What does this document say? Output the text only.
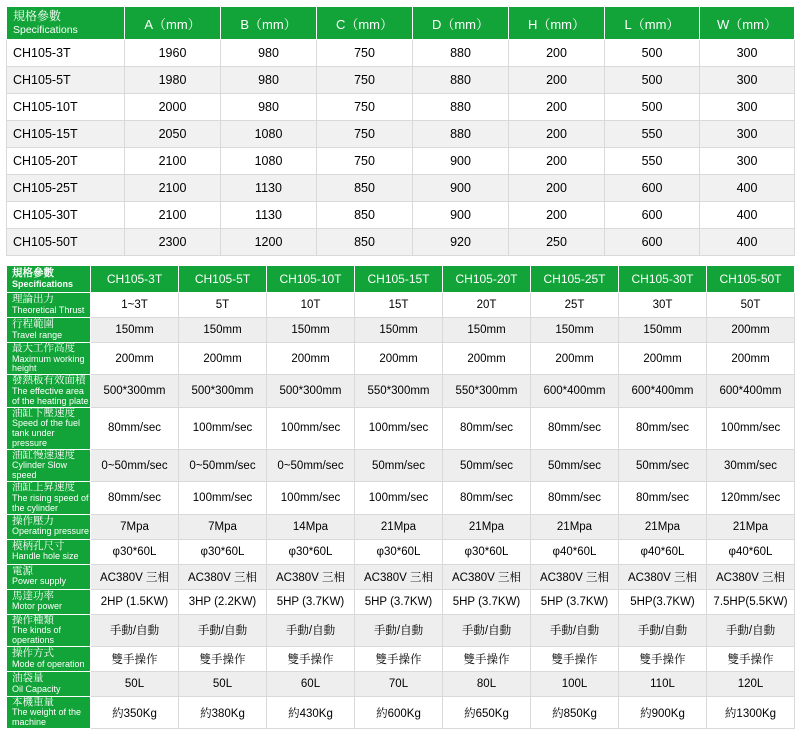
規格參數
Specifications	A（mm）	B（mm）	C（mm）	D（mm）	H（mm）	L（mm）	W（mm）
CH105-3T	1960	980	750	880	200	500	300
CH105-5T	1980	980	750	880	200	500	300
CH105-10T	2000	980	750	880	200	500	300
CH105-15T	2050	1080	750	880	200	550	300
CH105-20T	2100	1080	750	900	200	550	300
CH105-25T	2100	1130	850	900	200	600	400
CH105-30T	2100	1130	850	900	200	600	400
CH105-50T	2300	1200	850	920	250	600	400
規格參數
Specifications	CH105-3T	CH105-5T	CH105-10T	CH105-15T	CH105-20T	CH105-25T	CH105-30T	CH105-50T

理論出力
Theoretical Thrust	1~3T	5T	10T	15T	20T	25T	30T	50T

行程範圍
Travel range	150mm	150mm	150mm	150mm	150mm	150mm	150mm	200mm

最大工作高度
Maximum working height	200mm	200mm	200mm	200mm	200mm	200mm	200mm	200mm

發熱板有效面積
The effective area of the heating plate	500*300mm	500*300mm	500*300mm	550*300mm	550*300mm	600*400mm	600*400mm	600*400mm

油缸下壓速度
Speed of the fuel tank under pressure	80mm/sec	100mm/sec	100mm/sec	100mm/sec	80mm/sec	80mm/sec	80mm/sec	100mm/sec

油缸慢速速度
Cylinder Slow speed	0~50mm/sec	0~50mm/sec	0~50mm/sec	50mm/sec	50mm/sec	50mm/sec	50mm/sec	30mm/sec

油缸上昇速度
The rising speed of the cylinder	80mm/sec	100mm/sec	100mm/sec	100mm/sec	80mm/sec	80mm/sec	80mm/sec	120mm/sec

操作壓力
Operating pressure	7Mpa	7Mpa	14Mpa	21Mpa	21Mpa	21Mpa	21Mpa	21Mpa

模柄孔尺寸
Handle hole size	φ30*60L	φ30*60L	φ30*60L	φ30*60L	φ30*60L	φ40*60L	φ40*60L	φ40*60L

電源
Power supply	AC380V 三相	AC380V 三相	AC380V 三相	AC380V 三相	AC380V 三相	AC380V 三相	AC380V 三相	AC380V 三相

馬達功率
Motor power	2HP (1.5KW)	3HP (2.2KW)	5HP (3.7KW)	5HP (3.7KW)	5HP (3.7KW)	5HP (3.7KW)	5HP(3.7KW)	7.5HP(5.5KW)

操作種類
The kinds of operations	手動/自動	手動/自動	手動/自動	手動/自動	手動/自動	手動/自動	手動/自動	手動/自動

操作方式
Mode of operation	雙手操作	雙手操作	雙手操作	雙手操作	雙手操作	雙手操作	雙手操作	雙手操作

油袋量
Oil Capacity	50L	50L	60L	70L	80L	100L	110L	120L

本機重量
The weight of the machine	約350Kg	約380Kg	約430Kg	約600Kg	約650Kg	約850Kg	約900Kg	約1300Kg
